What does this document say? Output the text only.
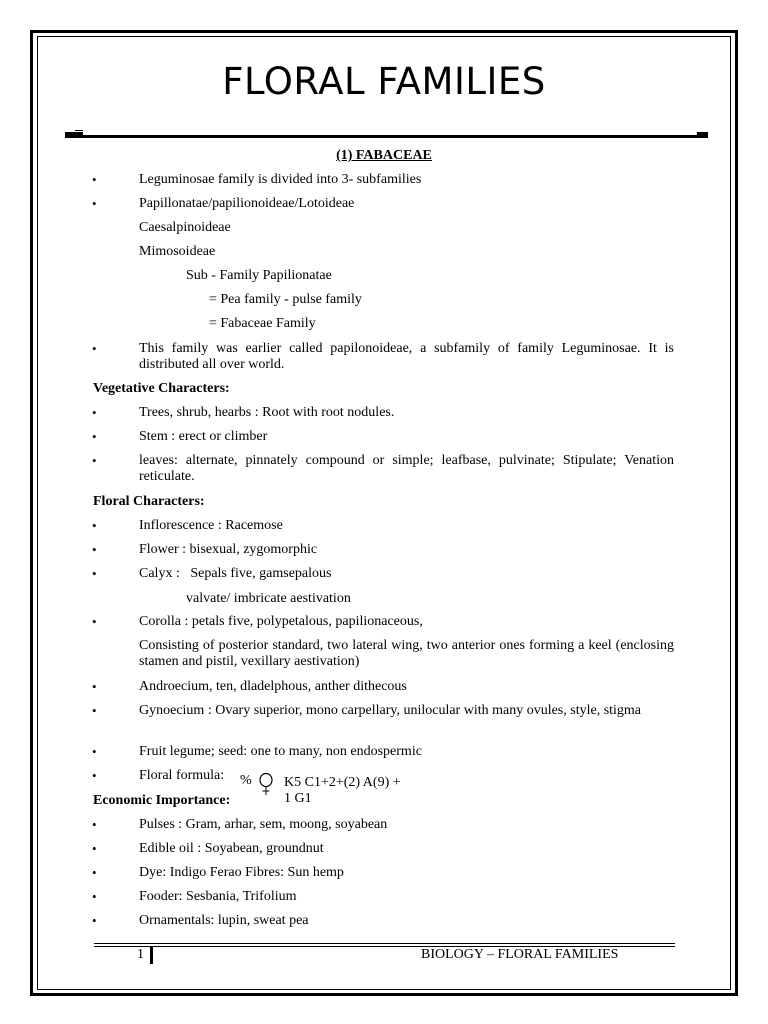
FLORAL FAMILIES
(1) FABACEAE
•	Leguminosae family is divided into 3- subfamilies
•	Papillonatae/papilionoideae/Lotoideae
Caesalpinoideae
Mimosoideae
Sub - Family Papilionatae
= Pea family - pulse family
= Fabaceae Family
•	This family was earlier called papilonoideae, a subfamily of family Leguminosae. It is distributed all over world.
Vegetative Characters:
•	Trees, shrub, hearbs : Root with root nodules.
•	Stem : erect or climber
•	leaves: alternate, pinnately compound or simple; leafbase, pulvinate; Stipulate; Venation reticulate.
Floral Characters:
•	Inflorescence : Racemose
•	Flower : bisexual, zygomorphic
•	Calyx :   Sepals five, gamsepalous
valvate/ imbricate aestivation
•	Corolla : petals five, polypetalous, papilionaceous,
Consisting of posterior standard, two lateral wing, two anterior ones forming a keel (enclosing stamen and pistil, vexillary aestivation)
•	Androecium, ten, dladelphous, anther dithecous
•	Gynoecium : Ovary superior, mono carpellary, unilocular with many ovules, style, stigma
•	Fruit legume; seed: one to many, non endospermic
•	Floral formula: % K5 C1+2+(2) A(9) +
1 G1
Economic Importance:
•	Pulses : Gram, arhar, sem, moong, soyabean
•	Edible oil : Soyabean, groundnut
•	Dye: Indigo Ferao Fibres: Sun hemp
•	Fooder: Sesbania, Trifolium
•	Ornamentals: lupin, sweat pea
1	BIOLOGY – FLORAL FAMILIES
